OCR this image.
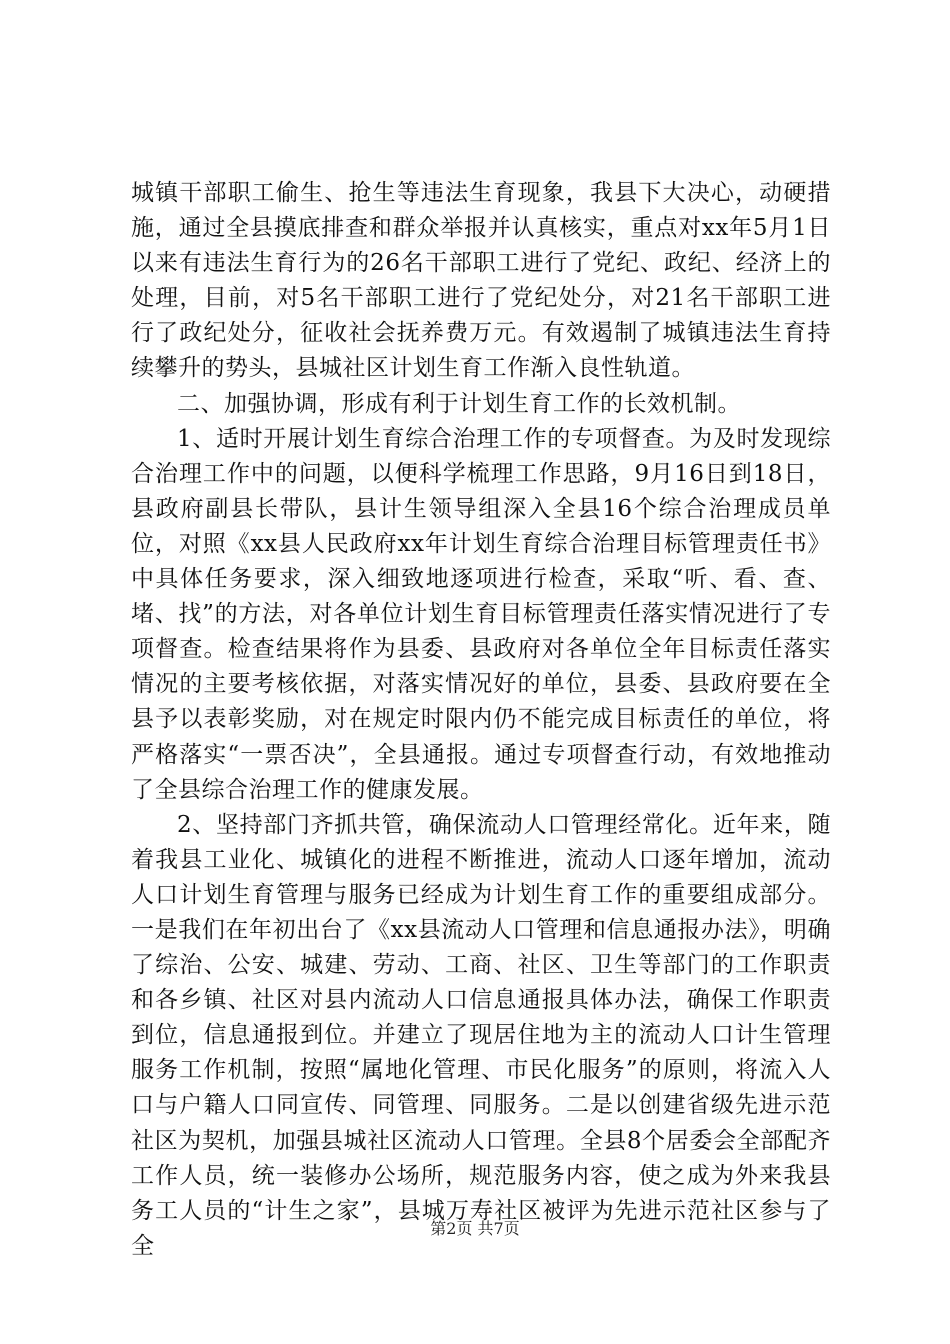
城镇干部职工偷生、抢生等违法生育现象，我县下大决心，动硬措施，通过全县摸底排查和群众举报并认真核实，重点对xx年5月1日以来有违法生育行为的26名干部职工进行了党纪、政纪、经济上的处理，目前，对5名干部职工进行了党纪处分，对21名干部职工进行了政纪处分，征收社会抚养费万元。有效遏制了城镇违法生育持续攀升的势头，县城社区计划生育工作渐入良性轨道。

二、加强协调，形成有利于计划生育工作的长效机制。

1、适时开展计划生育综合治理工作的专项督查。为及时发现综合治理工作中的问题，以便科学梳理工作思路，9月16日到18日，县政府副县长带队，县计生领导组深入全县16个综合治理成员单位，对照《xx县人民政府xx年计划生育综合治理目标管理责任书》中具体任务要求，深入细致地逐项进行检查，采取“听、看、查、堵、找”的方法，对各单位计划生育目标管理责任落实情况进行了专项督查。检查结果将作为县委、县政府对各单位全年目标责任落实情况的主要考核依据，对落实情况好的单位，县委、县政府要在全县予以表彰奖励，对在规定时限内仍不能完成目标责任的单位，将严格落实“一票否决”，全县通报。通过专项督查行动，有效地推动了全县综合治理工作的健康发展。

2、坚持部门齐抓共管，确保流动人口管理经常化。近年来，随着我县工业化、城镇化的进程不断推进，流动人口逐年增加，流动人口计划生育管理与服务已经成为计划生育工作的重要组成部分。一是我们在年初出台了《xx县流动人口管理和信息通报办法》，明确了综治、公安、城建、劳动、工商、社区、卫生等部门的工作职责和各乡镇、社区对县内流动人口信息通报具体办法，确保工作职责到位，信息通报到位。并建立了现居住地为主的流动人口计生管理服务工作机制，按照“属地化管理、市民化服务”的原则，将流入人口与户籍人口同宣传、同管理、同服务。二是以创建省级先进示范社区为契机，加强县城社区流动人口管理。全县8个居委会全部配齐工作人员，统一装修办公场所，规范服务内容，使之成为外来我县务工人员的“计生之家”，县城万寿社区被评为先进示范社区参与了全

第2页 共7页
